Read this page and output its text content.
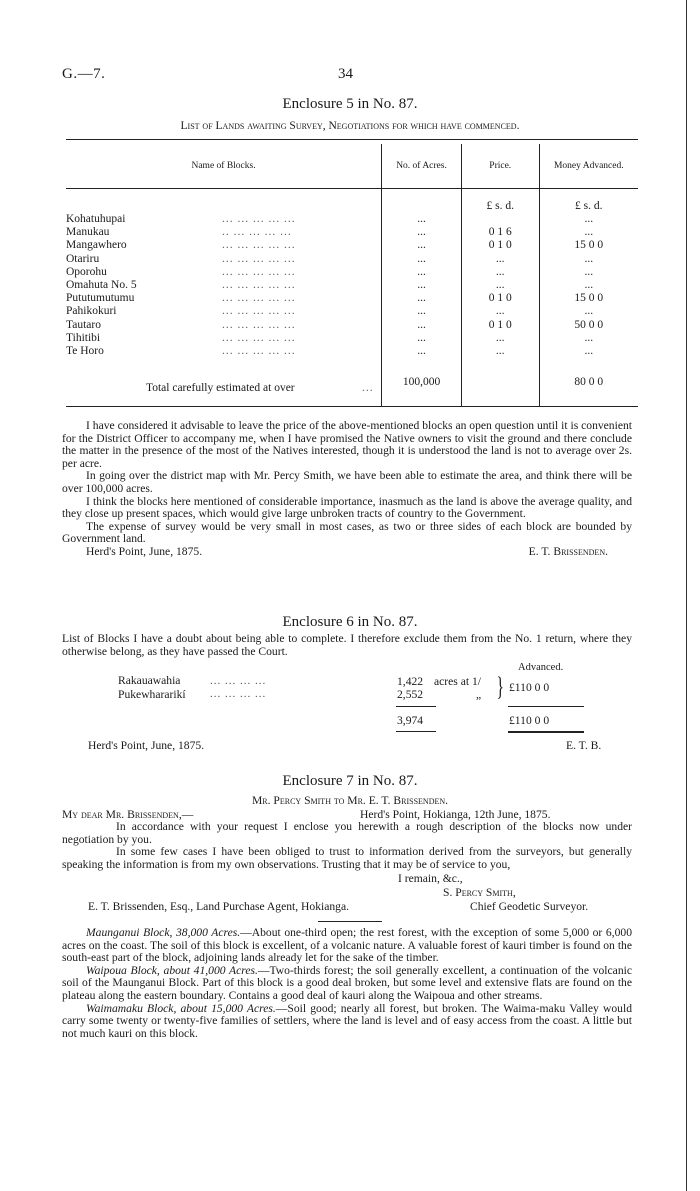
G.—7.	34
Enclosure 5 in No. 87.
List of Lands awaiting Survey, Negotiations for which have commenced.
Name of Blocks.	No. of Acres.	Price.	Money Advanced.
		£ s. d.	£ s. d.
Kohatuhupai ... ... ... ... ...	...		...
Manukau .. ... ... ... ...	...	0 1 6	...
Mangawhero ... ... ... ... ...	...	0 1 0	15 0 0
Otariru ... ... ... ... ...	...	...	...
Oporohu ... ... ... ... ...	...	...	...
Omahuta No. 5 ... ... ... ... ...	...	...	...
Pututumutumu ... ... ... ... ...	...	0 1 0	15 0 0
Pahikokuri ... ... ... ... ...	...	...	...
Tautaro ... ... ... ... ...	...	0 1 0	50 0 0
Tihitibi ... ... ... ... ...	...	...	...
Te Horo ... ... ... ... ...	...	...	...

Total carefully estimated at over ...	100,000		80 0 0

I have considered it advisable to leave the price of the above-mentioned blocks an open question until it is convenient for the District Officer to accompany me, when I have promised the Native owners to visit the ground and there conclude the matter in the presence of the most of the Natives interested, though it is understood the land is not to average over 2s. per acre.
In going over the district map with Mr. Percy Smith, we have been able to estimate the area, and think there will be over 100,000 acres.
I think the blocks here mentioned of considerable importance, inasmuch as the land is above the average quality, and they close up present spaces, which would give large unbroken tracts of country to the Government.
The expense of survey would be very small in most cases, as two or three sides of each block are bounded by Government land.
Herd's Point, June, 1875.	E. T. Brissenden.
Enclosure 6 in No. 87.
List of Blocks I have a doubt about being able to complete. I therefore exclude them from the No. 1 return, where they otherwise belong, as they have passed the Court.
Advanced.
Rakauawahia	... ... ... ...	1,422 acres at 1/
Pukewhararikí ... ... ... ...	2,552	„ } £110 0 0
3,974	£110 0 0
Herd's Point, June, 1875.	E. T. B.
Enclosure 7 in No. 87.
Mr. Percy Smith to Mr. E. T. Brissenden.
My dear Mr. Brissenden,—	Herd's Point, Hokianga, 12th June, 1875.
In accordance with your request I enclose you herewith a rough description of the blocks now under negotiation by you.
In some few cases I have been obliged to trust to information derived from the surveyors, but generally speaking the information is from my own observations. Trusting that it may be of service to you,
I remain, &c.,
S. Percy Smith,
E. T. Brissenden, Esq., Land Purchase Agent, Hokianga.	Chief Geodetic Surveyor.
Maunganui Block, 38,000 Acres.—About one-third open; the rest forest, with the exception of some 5,000 or 6,000 acres on the coast. The soil of this block is excellent, of a volcanic nature. A valuable forest of kauri timber is found on the south-east part of the block, adjoining lands already let for the sake of the timber.
Waipoua Block, about 41,000 Acres.—Two-thirds forest; the soil generally excellent, a continuation of the volcanic soil of the Maunganui Block. Part of this block is a good deal broken, but some level and extensive flats are found on the plateau along the eastern boundary. Contains a good deal of kauri along the Waipoua and other streams.
Waimamaku Block, about 15,000 Acres.—Soil good; nearly all forest, but broken. The Waima-maku Valley would carry some twenty or twenty-five families of settlers, where the land is level and of easy access from the coast. A little but not much kauri on this block.
